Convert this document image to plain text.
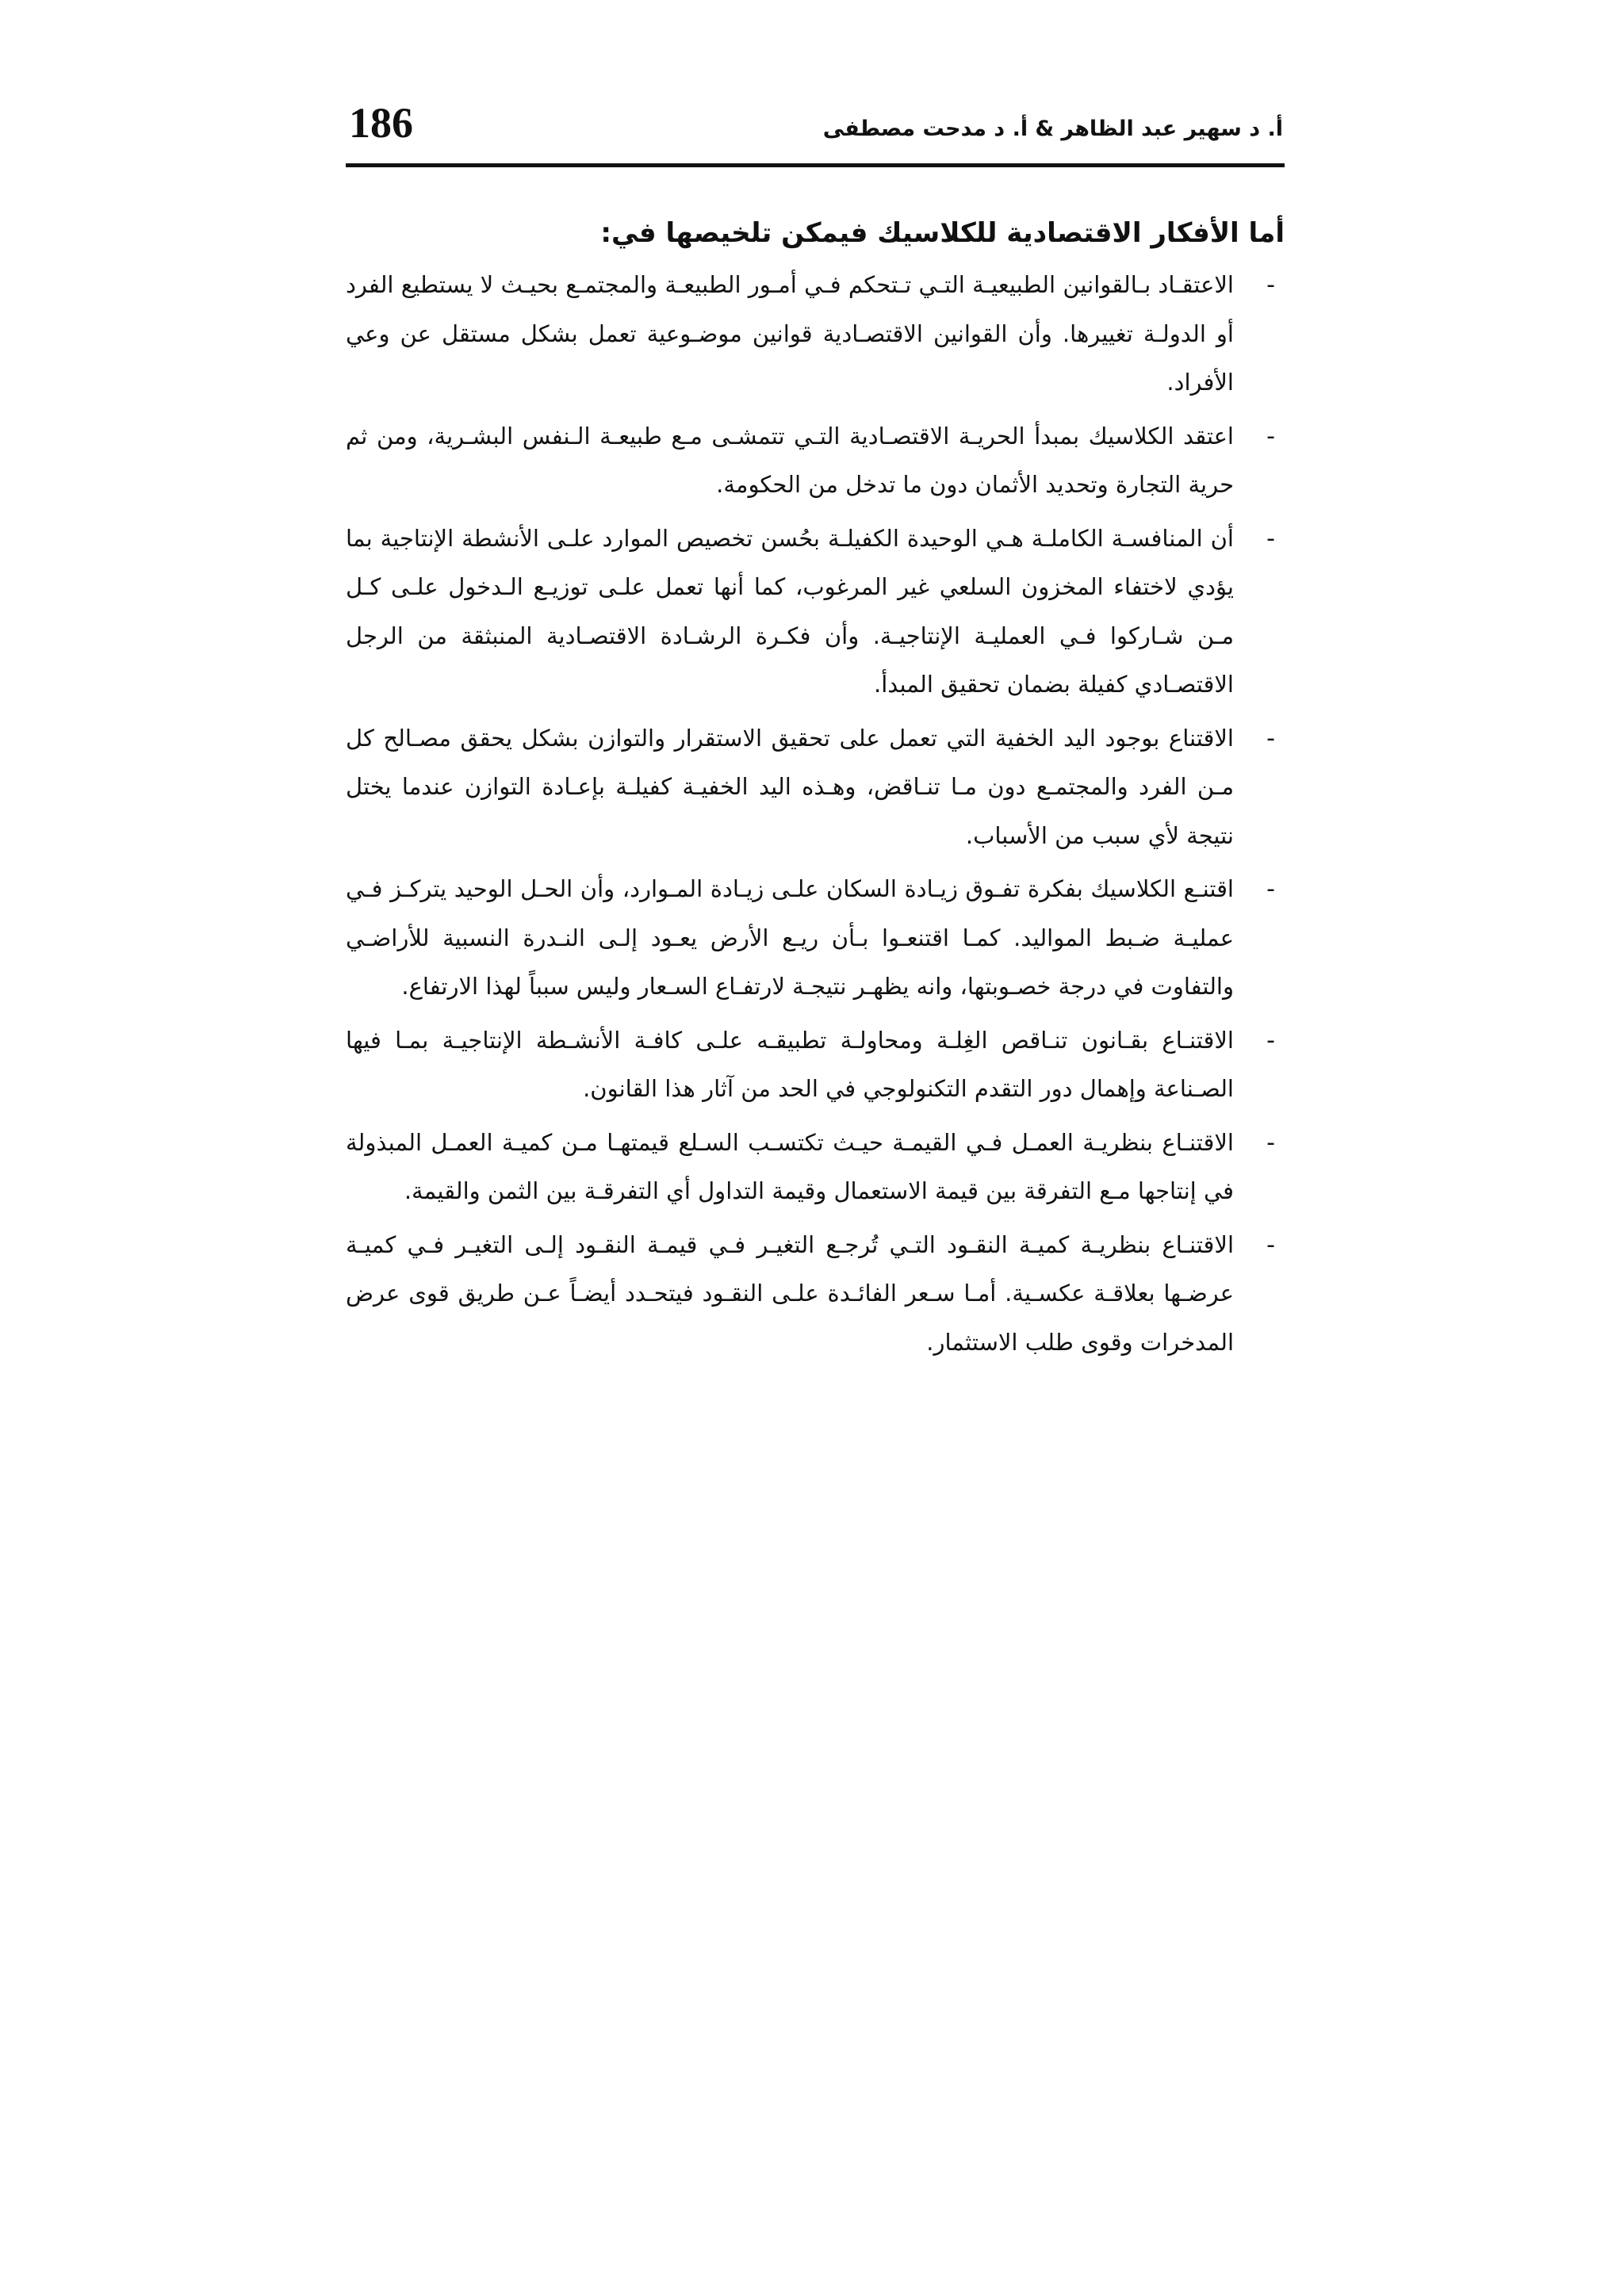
186	أ. د سهير عبد الظاهر & أ. د مدحت مصطفى
أما الأفكار الاقتصادية للكلاسيك فيمكن تلخيصها في:
-
الاعتقـاد بـالقوانين الطبيعيـة التـي تـتحكم فـي أمـور الطبيعـة والمجتمـع بحيـث لا يستطيع الفرد أو الدولـة تغييرها. وأن القوانين الاقتصـادية قوانين موضـوعية تعمل بشكل مستقل عن وعي الأفراد.
-
اعتقد الكلاسيك بمبدأ الحريـة الاقتصـادية التـي تتمشـى مـع طبيعـة الـنفس البشـرية، ومن ثم حرية التجارة وتحديد الأثمان دون ما تدخل من الحكومة.
-
أن المنافسـة الكاملـة هـي الوحيدة الكفيلـة بحُسن تخصيص الموارد علـى الأنشطة الإنتاجية بما يؤدي لاختفاء المخزون السلعي غير المرغوب، كما أنها تعمل علـى توزيـع الـدخول علـى كـل مـن شـاركوا فـي العمليـة الإنتاجيـة. وأن فكـرة الرشـادة الاقتصـادية المنبثقة من الرجل الاقتصـادي كفيلة بضمان تحقيق المبدأ.
-
الاقتناع بوجود اليد الخفية التي تعمل على تحقيق الاستقرار والتوازن بشكل يحقق مصـالح كل مـن الفرد والمجتمـع دون مـا تنـاقض، وهـذه اليد الخفيـة كفيلـة بإعـادة التوازن عندما يختل نتيجة لأي سبب من الأسباب.
-
اقتنـع الكلاسيك بفكرة تفـوق زيـادة السكان علـى زيـادة المـوارد، وأن الحـل الوحيد يتركـز فـي عمليـة ضـبط المواليد. كمـا اقتنعـوا بـأن ريـع الأرض يعـود إلـى النـدرة النسبية للأراضـي والتفاوت في درجة خصـوبتها، وانه يظهـر نتيجـة لارتفـاع السـعار وليس سبباً لهذا الارتفاع.
-
الاقتنـاع بقـانون تنـاقص الغِلـة ومحاولـة تطبيقـه علـى كافـة الأنشـطة الإنتاجيـة بمـا فيها الصـناعة وإهمال دور التقدم التكنولوجي في الحد من آثار هذا القانون.
-
الاقتنـاع بنظريـة العمـل فـي القيمـة حيـث تكتسـب السـلع قيمتهـا مـن كميـة العمـل المبذولة في إنتاجها مـع التفرقة بين قيمة الاستعمال وقيمة التداول أي التفرقـة بين الثمن والقيمة.
-
الاقتنـاع بنظريـة كميـة النقـود التـي تُرجـع التغيـر فـي قيمـة النقـود إلـى التغيـر فـي كميـة عرضـها بعلاقـة عكسـية. أمـا سـعر الفائـدة علـى النقـود فيتحـدد أيضـاً عـن طريق قوى عرض المدخرات وقوى طلب الاستثمار.
